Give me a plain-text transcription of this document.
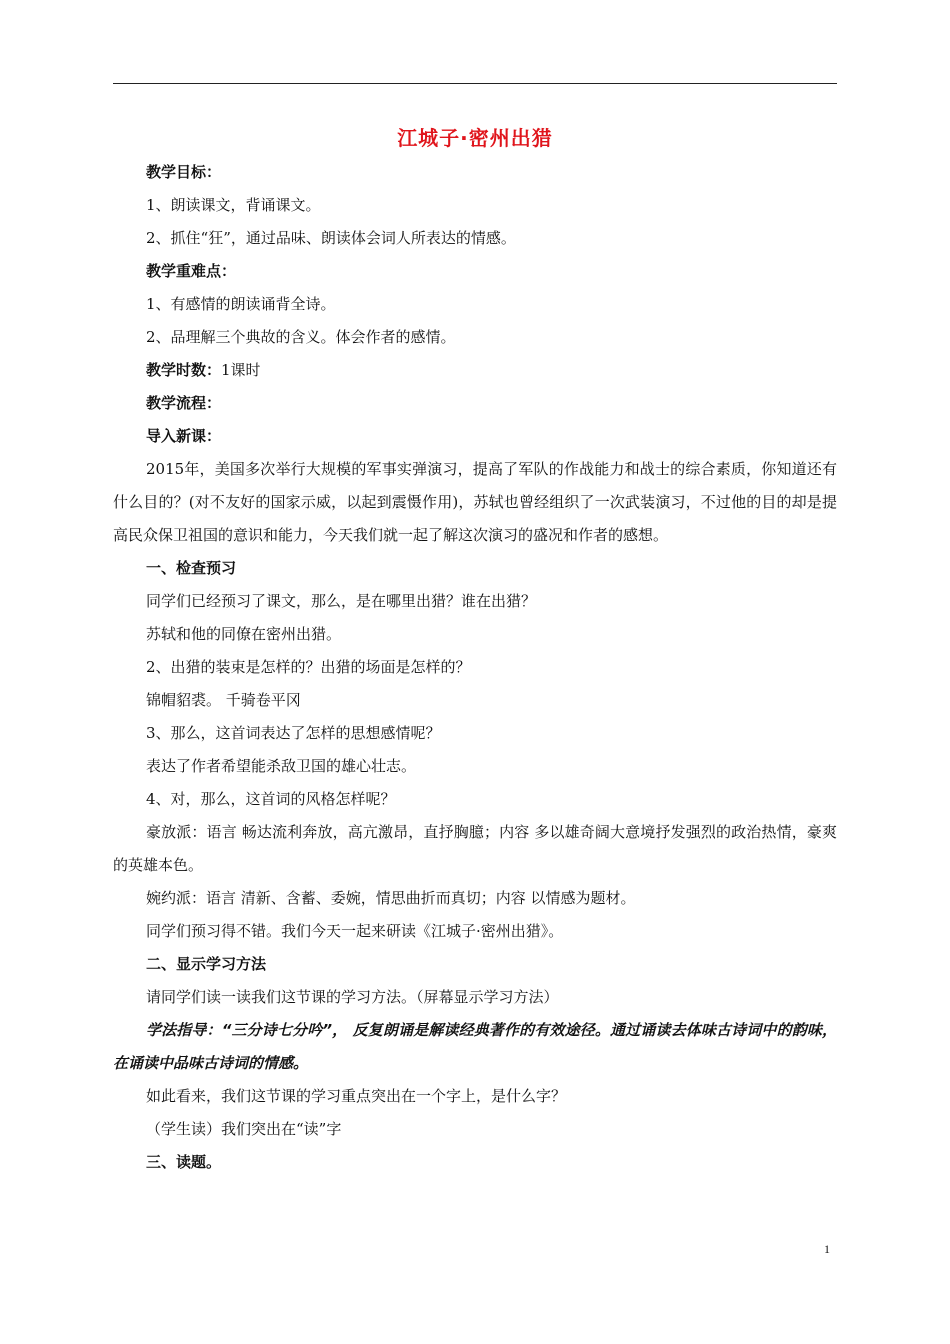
江城子·密州出猎

教学目标：

1、朗读课文，背诵课文。

2、抓住“狂”，通过品味、朗读体会词人所表达的情感。

教学重难点：

1、有感情的朗读诵背全诗。

2、品理解三个典故的含义。体会作者的感情。

教学时数：1课时

教学流程：

导入新课：

2015年，美国多次举行大规模的军事实弹演习，提高了军队的作战能力和战士的综合素质，你知道还有什么目的？(对不友好的国家示威，以起到震慑作用)，苏轼也曾经组织了一次武装演习，不过他的目的却是提高民众保卫祖国的意识和能力，今天我们就一起了解这次演习的盛况和作者的感想。

一、检查预习

同学们已经预习了课文，那么，是在哪里出猎？谁在出猎？

苏轼和他的同僚在密州出猎。

2、出猎的装束是怎样的？出猎的场面是怎样的？

锦帽貂裘。 千骑卷平冈

3、那么，这首词表达了怎样的思想感情呢？

表达了作者希望能杀敌卫国的雄心壮志。

4、对，那么，这首词的风格怎样呢？

豪放派：语言 畅达流利奔放，高亢激昂，直抒胸臆；内容 多以雄奇阔大意境抒发强烈的政治热情，豪爽的英雄本色。

婉约派：语言 清新、含蓄、委婉，情思曲折而真切；内容 以情感为题材。

同学们预习得不错。我们今天一起来研读《江城子·密州出猎》。

二、显示学习方法

请同学们读一读我们这节课的学习方法。（屏幕显示学习方法）

学法指导：“三分诗七分吟”， 反复朗诵是解读经典著作的有效途径。通过诵读去体味古诗词中的韵味，在诵读中品味古诗词的情感。

如此看来，我们这节课的学习重点突出在一个字上，是什么字？

（学生读）我们突出在“读”字

三、读题。

1
